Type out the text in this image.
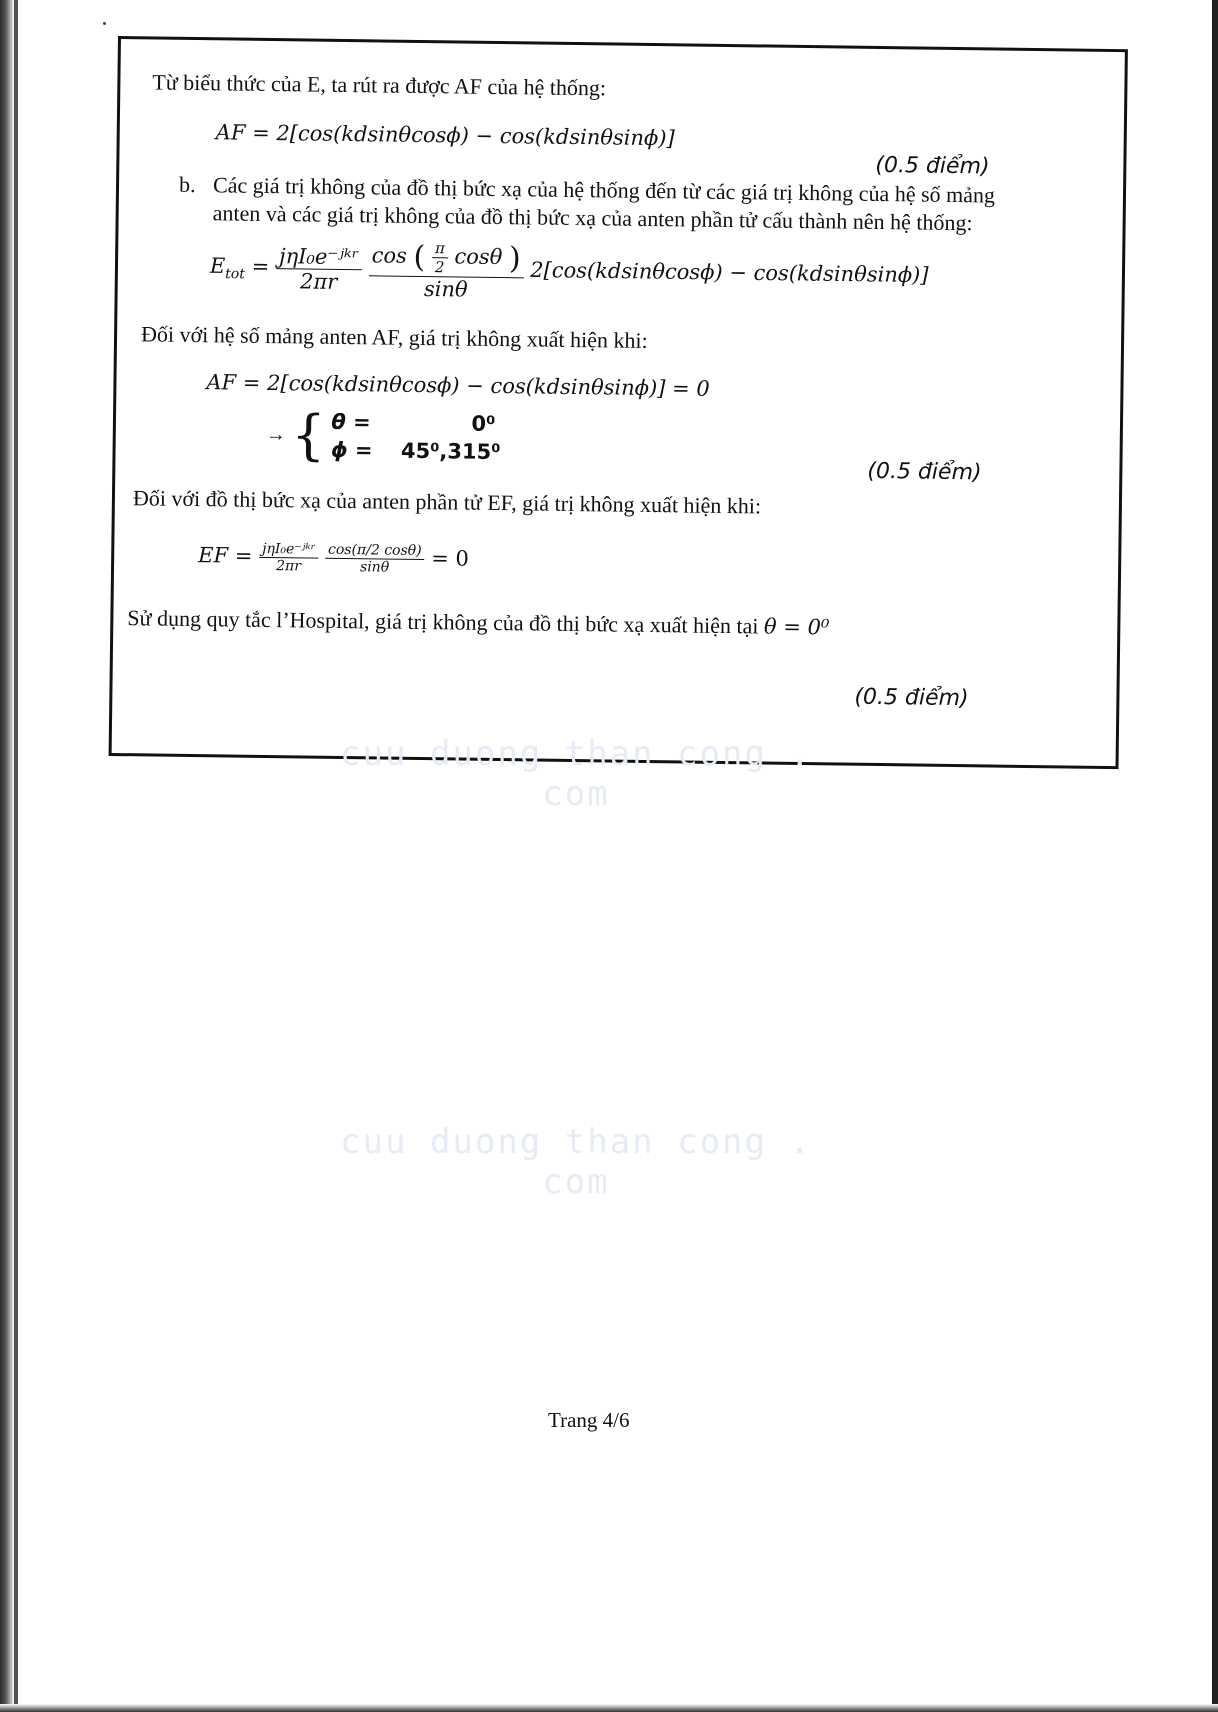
Từ biểu thức của E, ta rút ra được AF của hệ thống:
AF = 2[cos(kdsinθcosϕ) − cos(kdsinθsinϕ)]
(0.5 điểm)
b. Các giá trị không của đồ thị bức xạ của hệ thống đến từ các giá trị không của hệ số mảng
anten và các giá trị không của đồ thị bức xạ của anten phần tử cấu thành nên hệ thống:
$E_{tot} = \frac{\text{jηI₀e⁻ʲᵏʳ}}{2\pi r}$
cos ( $\frac{\pi}{2}$ cosθ )
sinθ
2[cos(kdsinθcosϕ) − cos(kdsinθsinϕ)]
Đối với hệ số mảng anten AF, giá trị không xuất hiện khi:
AF = 2[cos(kdsinθcosϕ) − cos(kdsinθsinϕ)] = 0
→ { θ =	0⁰
ϕ = 45⁰,315⁰
(0.5 điểm)
Đối với đồ thị bức xạ của anten phần tử EF, giá trị không xuất hiện khi:
EF = $\frac{\text{jηI₀e⁻ʲᵏʳ}}{2\pi r}$
$\frac{\cos(\pi/2 \cos\theta)}{\sin\theta} = 0$
Sử dụng quy tắc l’Hospital, giá trị không của đồ thị bức xạ xuất hiện tại θ = 0⁰
(0.5 điểm)
cuu duong than cong . com
cuu duong than cong . com
Trang 4/6
